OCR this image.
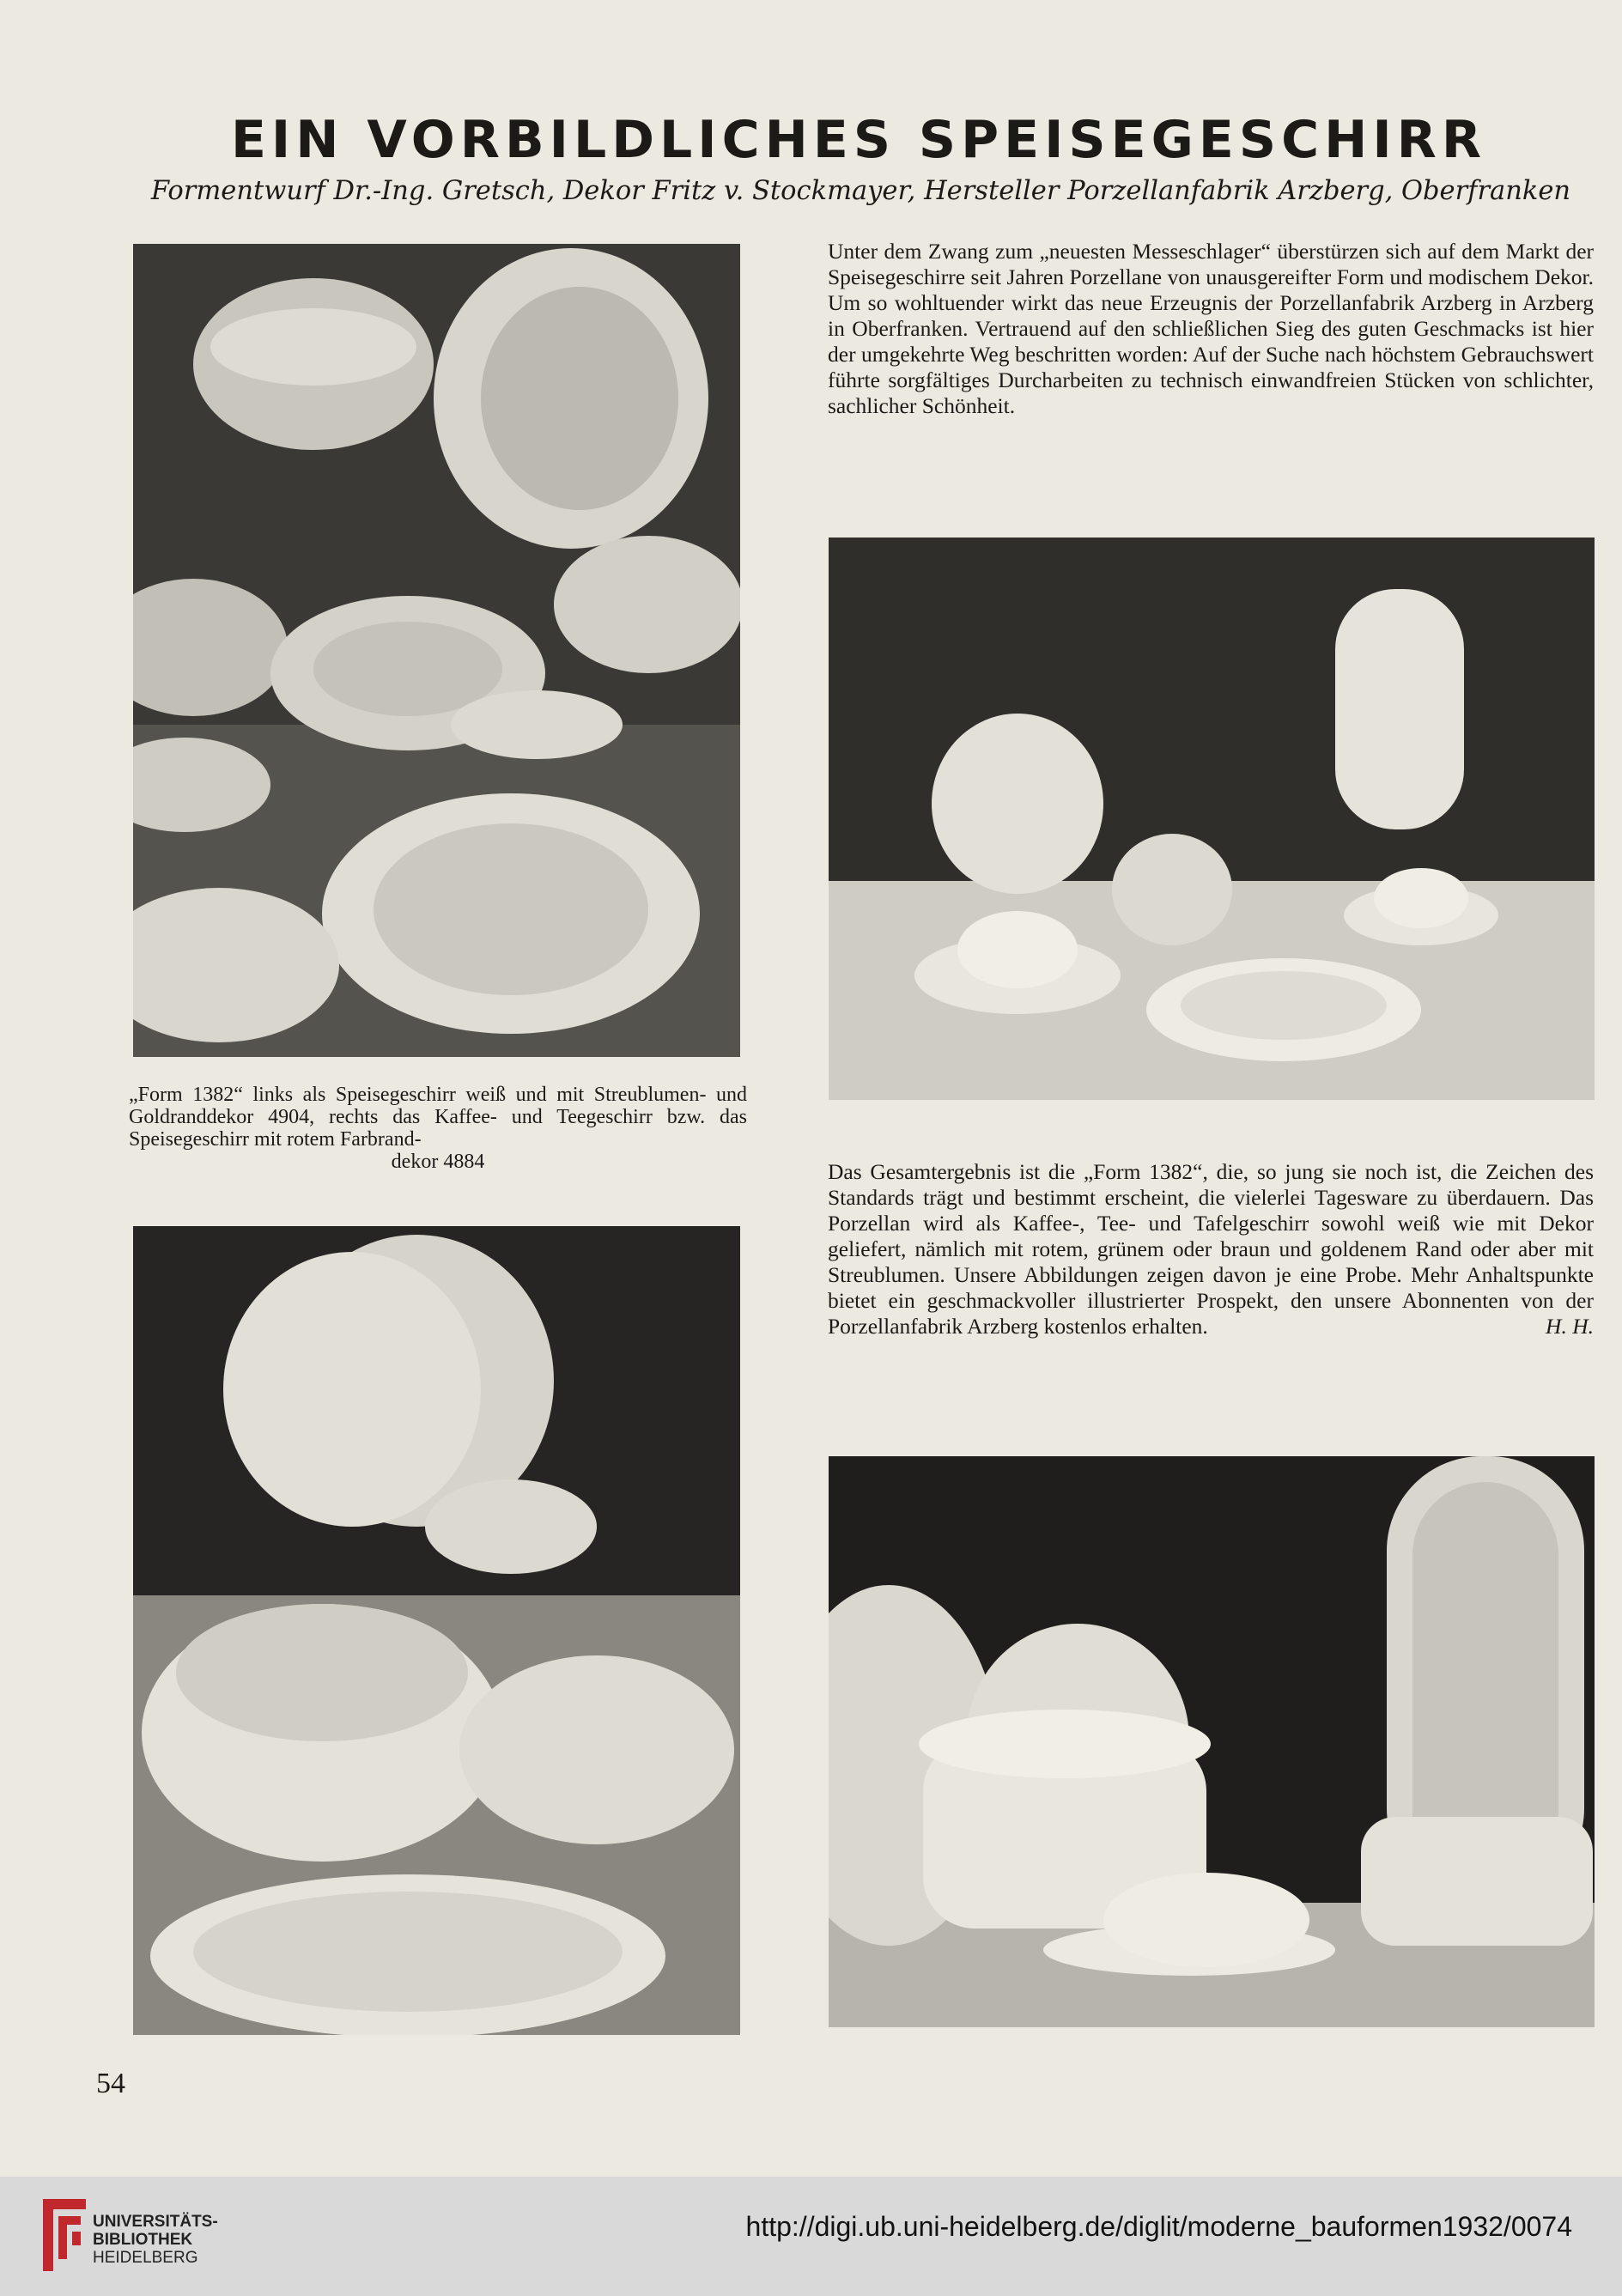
EIN VORBILDLICHES SPEISEGESCHIRR
Formentwurf Dr.-Ing. Gretsch, Dekor Fritz v. Stockmayer, Hersteller Porzellanfabrik Arzberg, Oberfranken

„Form 1382“ links als Speisegeschirr weiß und mit Streublumen- und Goldranddekor 4904, rechts das Kaffee- und Teegeschirr bzw. das Speisegeschirr mit rotem Farbrand-
dekor 4884

Unter dem Zwang zum „neuesten Messeschlager“ überstürzen sich auf dem Markt der Speisegeschirre seit Jahren Porzellane von unausgereifter Form und modischem Dekor. Um so wohltuender wirkt das neue Erzeugnis der Porzellanfabrik Arzberg in Arzberg in Oberfranken. Vertrauend auf den schließlichen Sieg des guten Geschmacks ist hier der umgekehrte Weg beschritten worden: Auf der Suche nach höchstem Gebrauchswert führte sorgfältiges Durcharbeiten zu technisch einwandfreien Stücken von schlichter, sachlicher Schönheit.

Das Gesamtergebnis ist die „Form 1382“, die, so jung sie noch ist, die Zeichen des Standards trägt und bestimmt erscheint, die vielerlei Tagesware zu überdauern. Das Porzellan wird als Kaffee-, Tee- und Tafelgeschirr sowohl weiß wie mit Dekor geliefert, nämlich mit rotem, grünem oder braun und goldenem Rand oder aber mit Streublumen. Unsere Abbildungen zeigen davon je eine Probe. Mehr Anhaltspunkte bietet ein geschmackvoller illustrierter Prospekt, den unsere Abonnenten von der Porzellanfabrik Arzberg kostenlos erhalten.	H. H.

54
UNIVERSITÄTS-
BIBLIOTHEK
HEIDELBERG
http://digi.ub.uni-heidelberg.de/diglit/moderne_bauformen1932/0074
